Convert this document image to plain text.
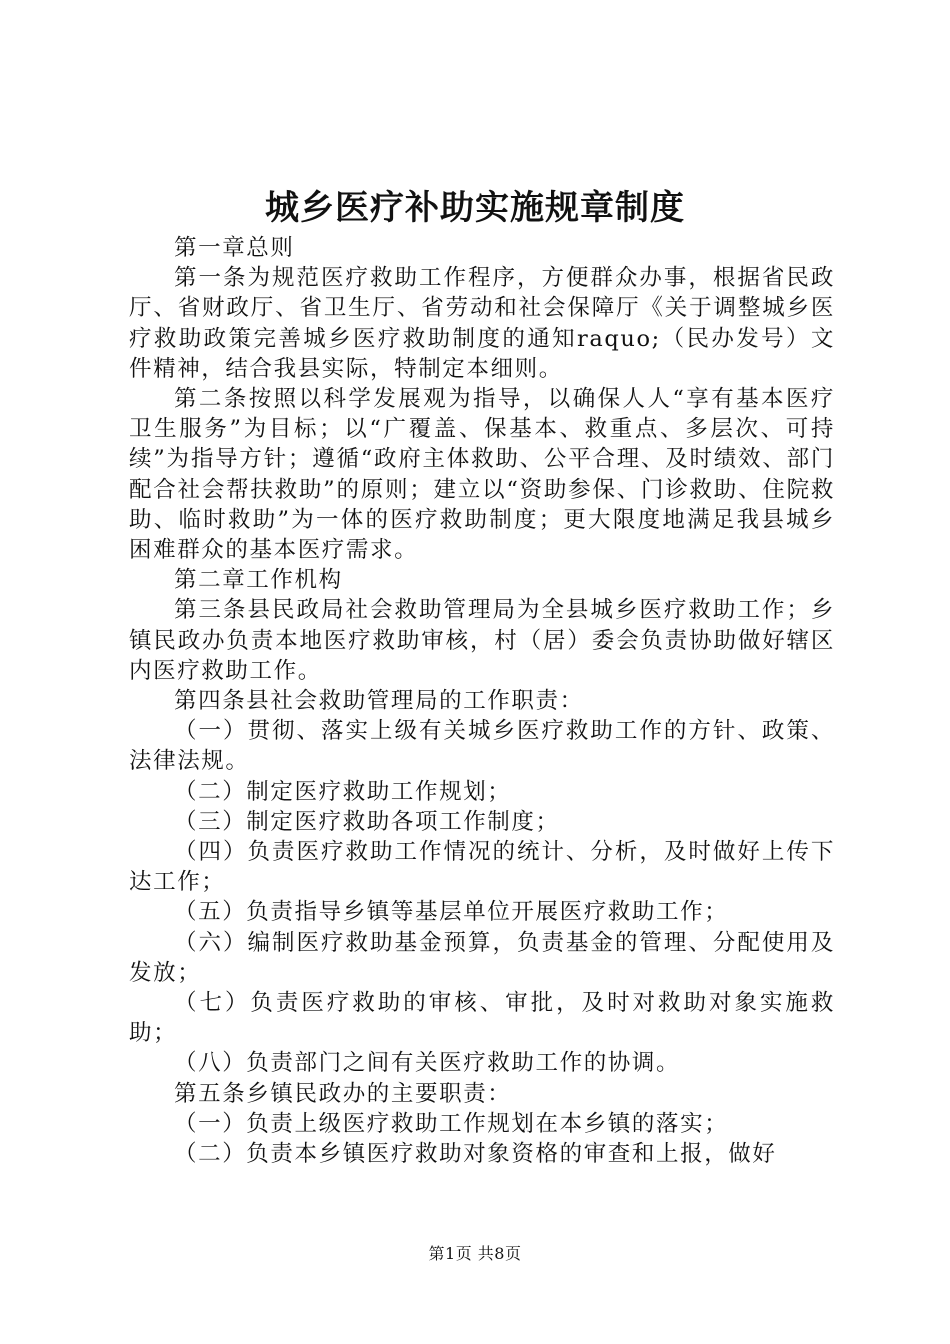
城乡医疗补助实施规章制度

第一章总则

第一条为规范医疗救助工作程序，方便群众办事，根据省民政厅、省财政厅、省卫生厅、省劳动和社会保障厅《关于调整城乡医疗救助政策完善城乡医疗救助制度的通知raquo;（民办发号）文件精神，结合我县实际，特制定本细则。

第二条按照以科学发展观为指导，以确保人人“享有基本医疗卫生服务”为目标；以“广覆盖、保基本、救重点、多层次、可持续”为指导方针；遵循“政府主体救助、公平合理、及时绩效、部门配合社会帮扶救助”的原则；建立以“资助参保、门诊救助、住院救助、临时救助”为一体的医疗救助制度；更大限度地满足我县城乡困难群众的基本医疗需求。

第二章工作机构

第三条县民政局社会救助管理局为全县城乡医疗救助工作；乡镇民政办负责本地医疗救助审核，村（居）委会负责协助做好辖区内医疗救助工作。

第四条县社会救助管理局的工作职责：

（一）贯彻、落实上级有关城乡医疗救助工作的方针、政策、法律法规。

（二）制定医疗救助工作规划；

（三）制定医疗救助各项工作制度；

（四）负责医疗救助工作情况的统计、分析，及时做好上传下达工作；

（五）负责指导乡镇等基层单位开展医疗救助工作；

（六）编制医疗救助基金预算，负责基金的管理、分配使用及发放；

（七）负责医疗救助的审核、审批，及时对救助对象实施救助；

（八）负责部门之间有关医疗救助工作的协调。

第五条乡镇民政办的主要职责：

（一）负责上级医疗救助工作规划在本乡镇的落实；

（二）负责本乡镇医疗救助对象资格的审查和上报，做好

第1页 共8页
